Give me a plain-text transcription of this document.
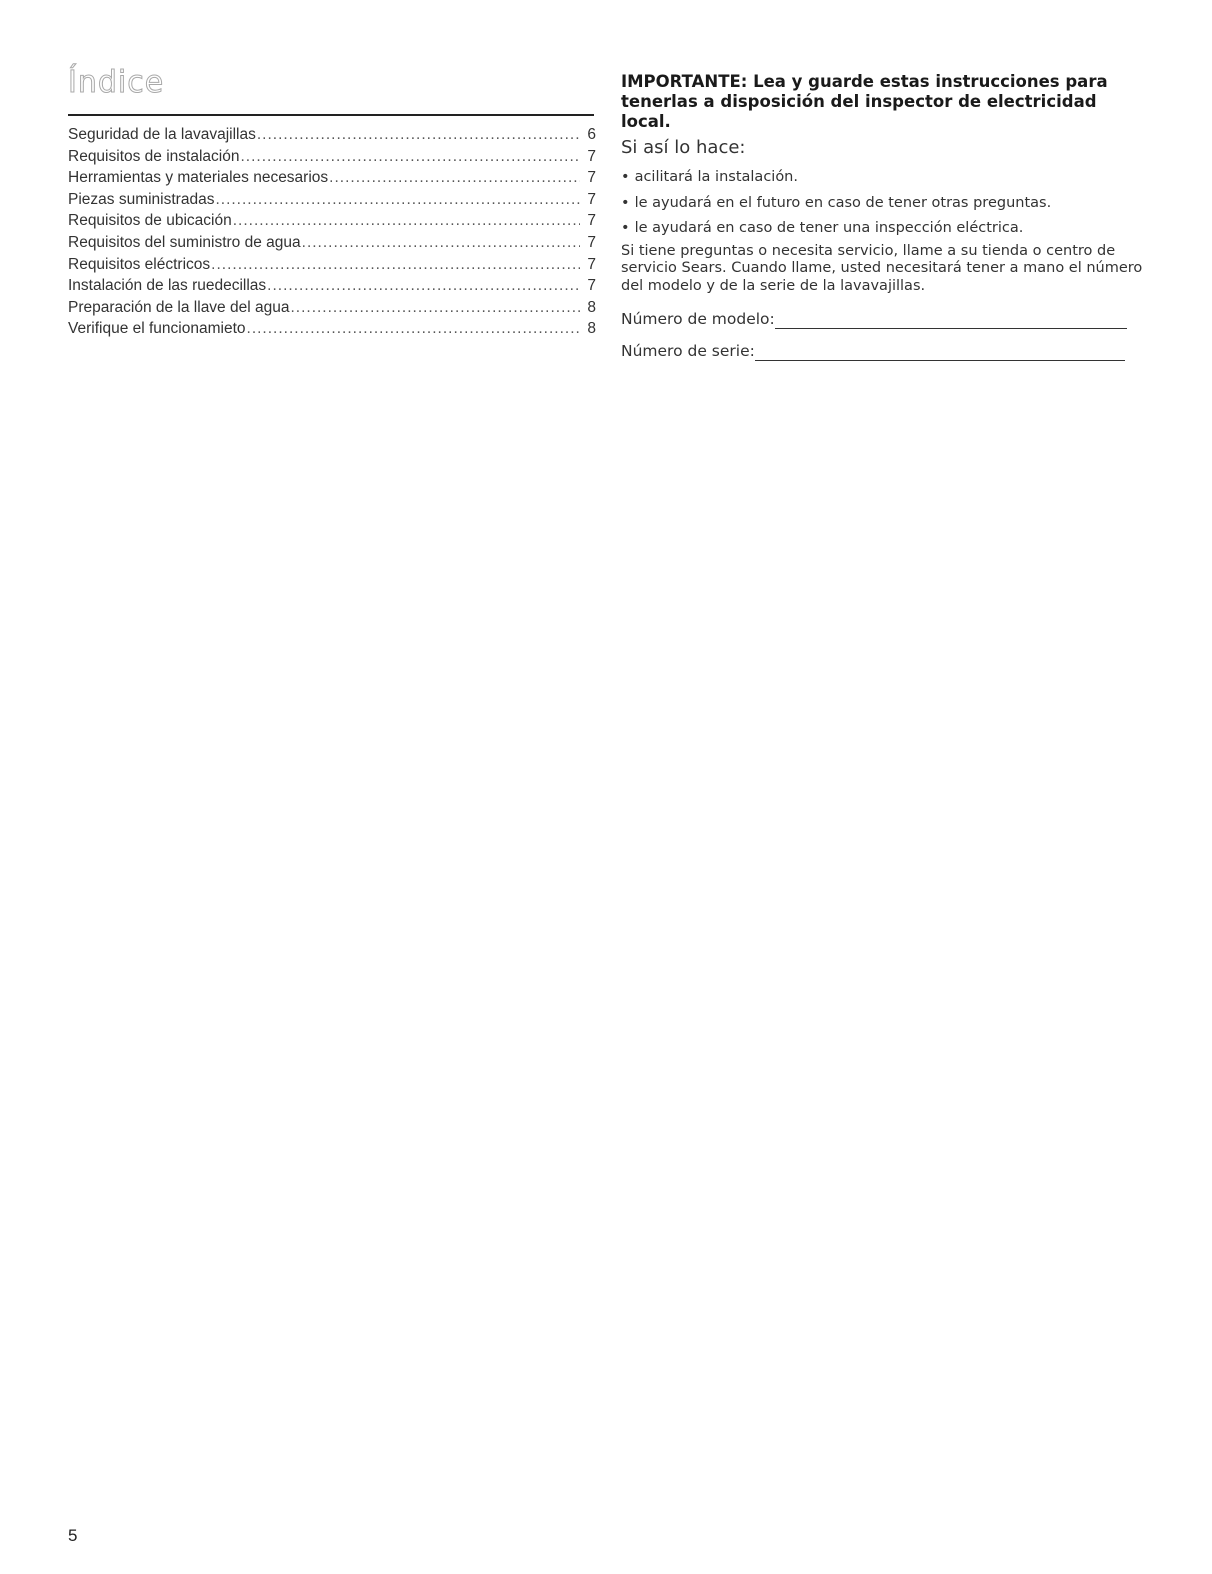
Índice
Seguridad de la lavavajillas .....	6
Requisitos de instalación .....	7
Herramientas y materiales necesarios .....	7
Piezas suministradas .....	7
Requisitos de ubicación .....	7
Requisitos del suministro de agua .....	7
Requisitos eléctricos .....	7
Instalación de las ruedecillas .....	7
Preparación de la llave del agua .....	8
Verifique el funcionamieto .....	8

IMPORTANTE: Lea y guarde estas instrucciones para tenerlas a disposición del inspector de electricidad local.

Si así lo hace:

• acilitará la instalación.
• le ayudará en el futuro en caso de tener otras preguntas.
• le ayudará en caso de tener una inspección eléctrica.

Si tiene preguntas o necesita servicio, llame a su tienda o centro de servicio Sears. Cuando llame, usted necesitará tener a mano el número del modelo y de la serie de la lavavajillas.

Número de modelo:
Número de serie:
5
